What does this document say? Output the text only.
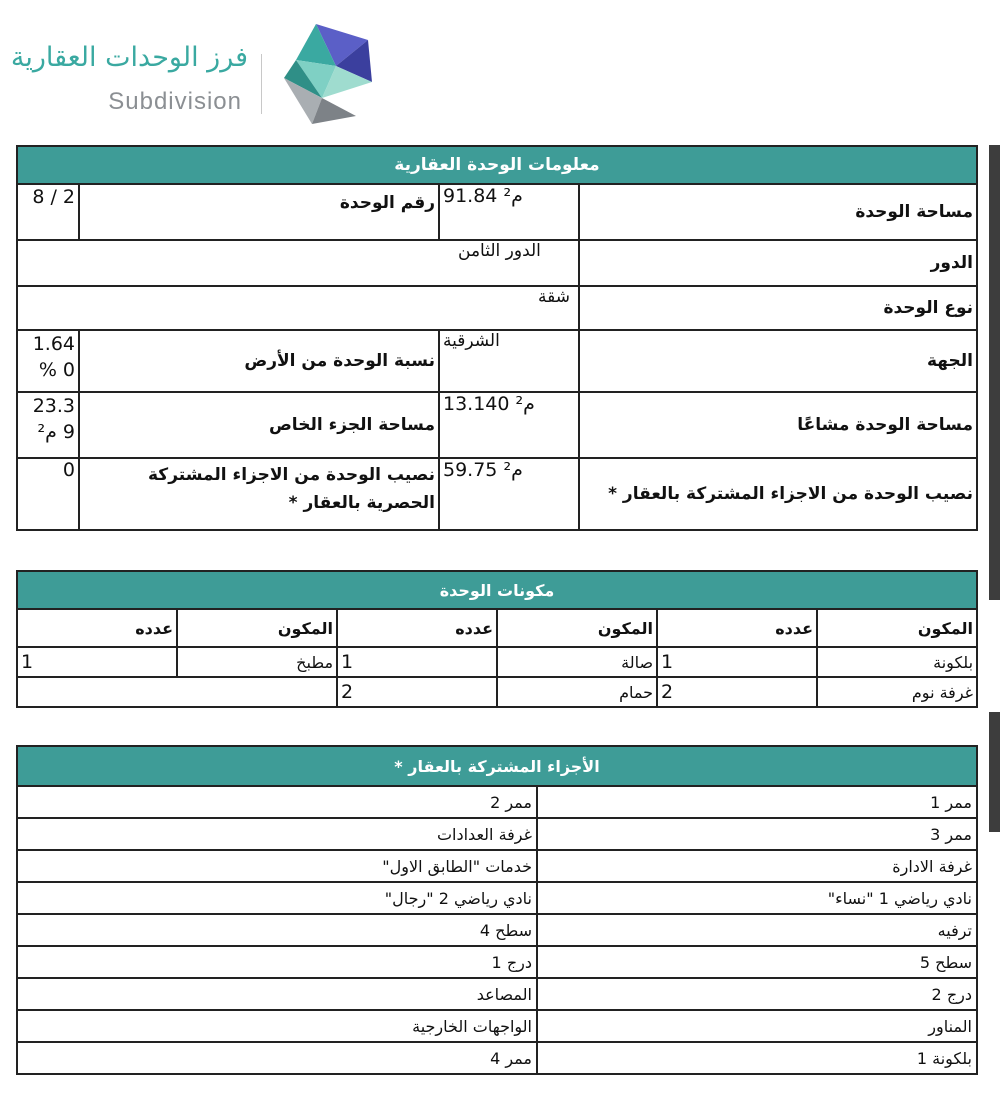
فرز الوحدات العقارية
Subdivision
معلومات الوحدة العقارية			
مساحة الوحدة	91.84 م²	رقم الوحدة	2 / 8
الدور	الدور الثامن		
نوع الوحدة	شقة		
الجهة	الشرقية	نسبة الوحدة من الأرض	1.640 %
مساحة الوحدة مشاعًا	13.140 م²	مساحة الجزء الخاص	23.39 م²
نصيب الوحدة من الاجزاء المشتركة بالعقار *	59.75 م²	نصيب الوحدة من الاجزاء المشتركة الحصرية بالعقار *	0
مكونات الوحدة					
المكون	عدده	المكون	عدده	المكون	عدده
بلكونة	1	صالة	1	مطبخ	1
غرفة نوم	2	حمام	2		
الأجزاء المشتركة بالعقار *	
ممر 1	ممر 2
ممر 3	غرفة العدادات
غرفة الادارة	خدمات "الطابق الاول"
نادي رياضي 1 "نساء"	نادي رياضي 2 "رجال"
ترفيه	سطح 4
سطح 5	درج 1
درج 2	المصاعد
المناور	الواجهات الخارجية
بلكونة 1	ممر 4
